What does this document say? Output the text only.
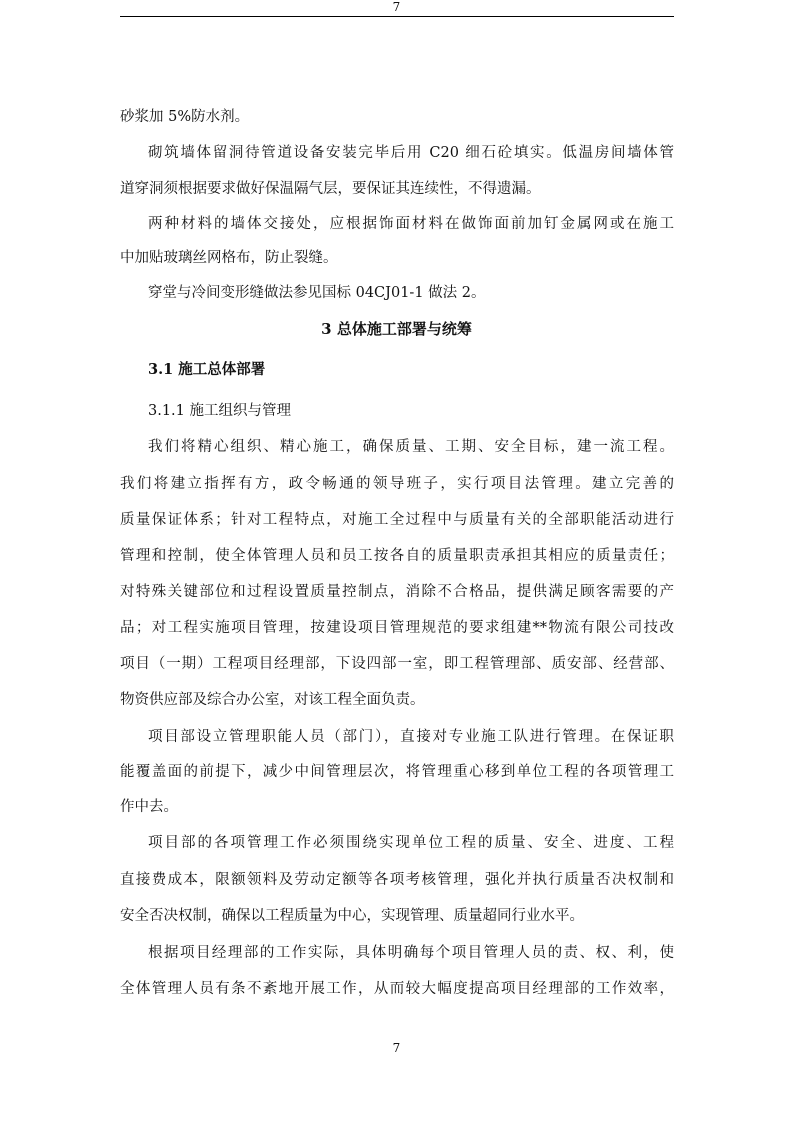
7
砂浆加 5%防水剂。
砌筑墙体留洞待管道设备安装完毕后用 C20 细石砼填实。低温房间墙体管
道穿洞须根据要求做好保温隔气层，要保证其连续性，不得遗漏。
两种材料的墙体交接处，应根据饰面材料在做饰面前加钉金属网或在施工
中加贴玻璃丝网格布，防止裂缝。
穿堂与冷间变形缝做法参见国标 04CJ01-1 做法 2。
3 总体施工部署与统筹
3.1 施工总体部署
3.1.1 施工组织与管理
我们将精心组织、精心施工，确保质量、工期、安全目标，建一流工程。
我们将建立指挥有方，政令畅通的领导班子，实行项目法管理。建立完善的
质量保证体系；针对工程特点，对施工全过程中与质量有关的全部职能活动进行
管理和控制，使全体管理人员和员工按各自的质量职责承担其相应的质量责任；
对特殊关键部位和过程设置质量控制点，消除不合格品，提供满足顾客需要的产
品；对工程实施项目管理，按建设项目管理规范的要求组建**物流有限公司技改
项目（一期）工程项目经理部，下设四部一室，即工程管理部、质安部、经营部、
物资供应部及综合办公室，对该工程全面负责。
项目部设立管理职能人员（部门），直接对专业施工队进行管理。在保证职
能覆盖面的前提下，减少中间管理层次，将管理重心移到单位工程的各项管理工
作中去。
项目部的各项管理工作必须围绕实现单位工程的质量、安全、进度、工程
直接费成本，限额领料及劳动定额等各项考核管理，强化并执行质量否决权制和
安全否决权制，确保以工程质量为中心，实现管理、质量超同行业水平。
根据项目经理部的工作实际，具体明确每个项目管理人员的责、权、利，使
全体管理人员有条不紊地开展工作，从而较大幅度提高项目经理部的工作效率，
7
